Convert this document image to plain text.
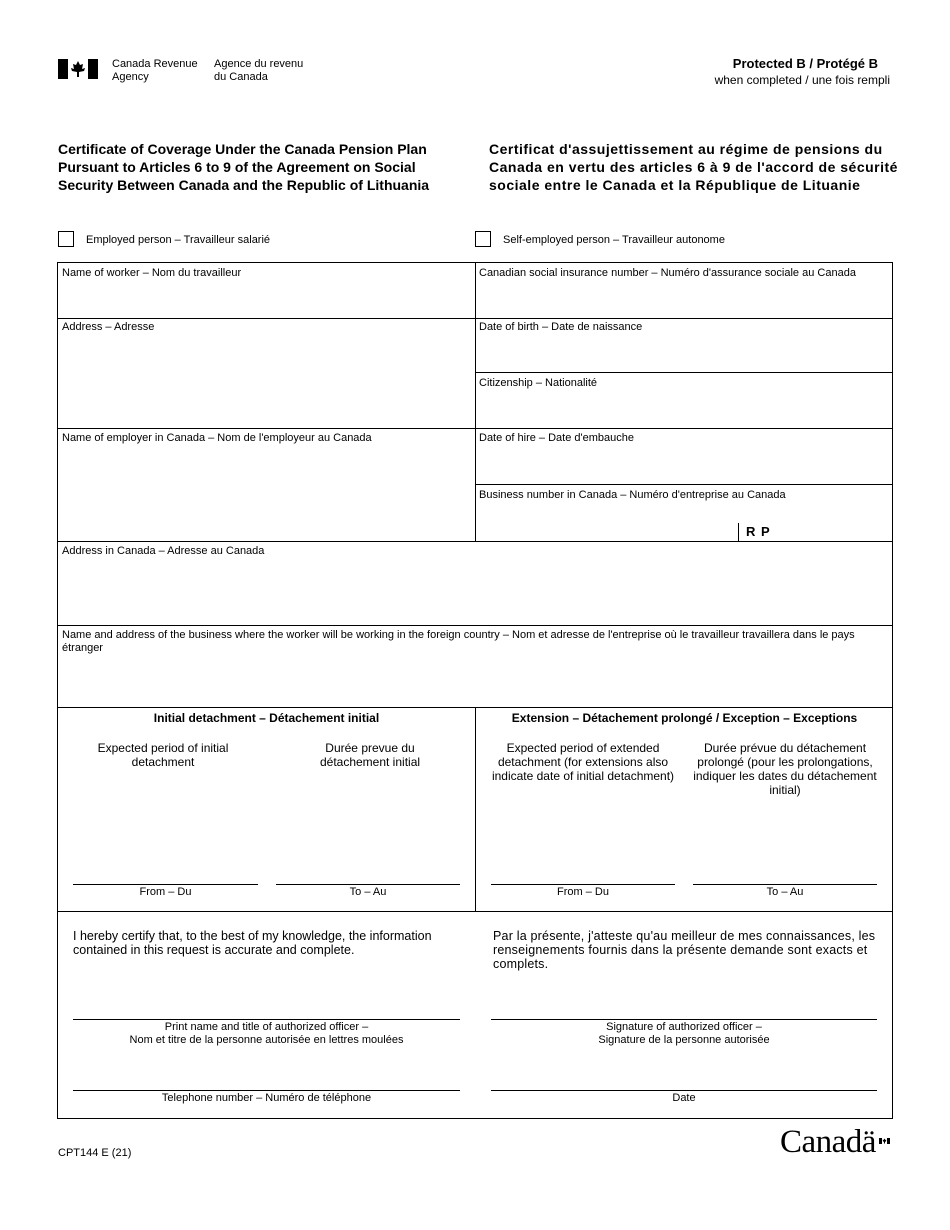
Canada Revenue
Agency
Agence du revenu
du Canada
Protected B / Protégé B
when completed / une fois rempli
Certificate of Coverage Under the Canada Pension Plan Pursuant to Articles 6 to 9 of the Agreement on Social Security Between Canada and the Republic of Lithuania
Certificat d'assujettissement au régime de pensions du Canada en vertu des articles 6 à 9 de l'accord de sécurité sociale entre le Canada et la République de Lituanie
Employed person – Travailleur salarié	Self-employed person – Travailleur autonome
R P
Name of worker – Nom du travailleur	Canadian social insurance number – Numéro d'assurance sociale au Canada
Address – Adresse	Date of birth – Date de naissance
Citizenship – Nationalité
Name of employer in Canada – Nom de l'employeur au Canada	Date of hire – Date d'embauche
Business number in Canada – Numéro d'entreprise au Canada
Address in Canada – Adresse au Canada
Name and address of the business where the worker will be working in the foreign country – Nom et adresse de l'entreprise où le travailleur travaillera dans le pays étranger
Initial detachment – Détachement initial
Expected period of initial detachment
Durée prevue du détachement initial
From – Du	To – Au
Extension – Détachement prolongé / Exception – Exceptions
Expected period of extended detachment (for extensions also indicate date of initial detachment)
Durée prévue du détachement prolongé (pour les prolongations, indiquer les dates du détachement initial)
From – Du	To – Au
I hereby certify that, to the best of my knowledge, the information contained in this request is accurate and complete.
Par la présente, j'atteste qu'au meilleur de mes connaissances, les renseignements fournis dans la présente demande sont exacts et complets.
Print name and title of authorized officer –
Nom et titre de la personne autorisée en lettres moulées
Signature of authorized officer –
Signature de la personne autorisée
Telephone number – Numéro de téléphone	Date
CPT144 E (21)	Canadä
